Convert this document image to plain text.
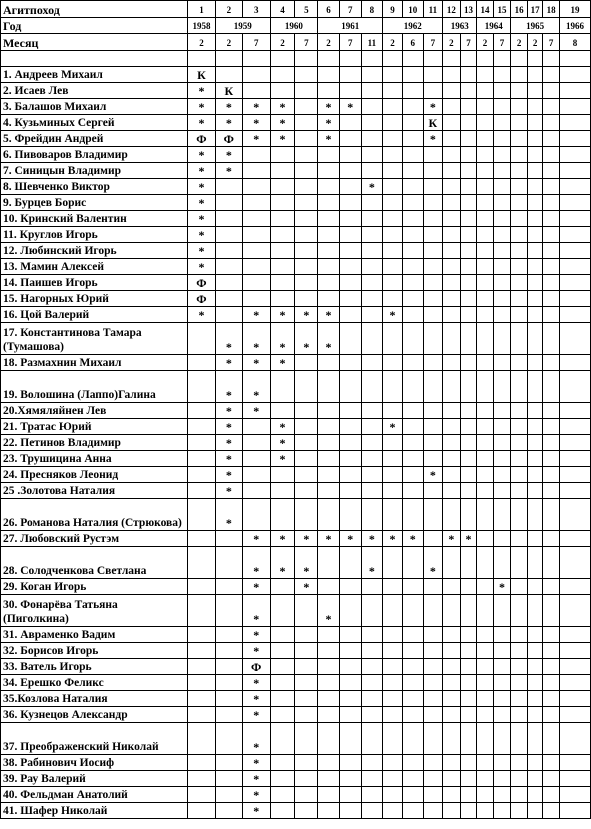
Агитпоход	1	2	3	4	5	6	7	8	9	10	11	12	13	14	15	16	17	18	19
Год	1958	1959		1960		1961			1962			1963		1964		1965			1966
Месяц	2	2	7	2	7	2	7	11	2	6	7	2	7	2	7	2	2	7	8

1. Андреев Михаил	К																		
2. Исаев Лев	*	К																	
3. Балашов Михаил	*	*	*	*		*	*				*								
4. Кузьминых Сергей	*	*	*	*		*					К								
5. Фрейдин Андрей	Ф	Ф	*	*		*					*								
6. Пивоваров Владимир	*	*																	
7. Синицын Владимир	*	*																	
8. Шевченко Виктор	*							*											
9. Бурцев Борис	*																		
10. Кринский Валентин	*																		
11. Круглов Игорь	*																		
12. Любинский Игорь	*																		
13. Мамин Алексей	*																		
14. Паишев Игорь	Ф																		
15. Нагорных Юрий	Ф																		
16. Цой Валерий	*		*	*	*	*			*										
17. Константинова Тамара (Тумашова)		*	*	*	*	*													
18. Размахнин Михаил		*	*	*															
19. Волошина (Лаппо)Галина		*	*																
20.Хямяляйнен Лев		*	*																
21. Тратас Юрий		*		*					*										
22. Петинов Владимир		*		*															
23. Трушицина Анна		*		*															
24. Пресняков Леонид		*									*								
25 .Золотова Наталия		*																	
26. Романова Наталия (Стрюкова)		*																	
27. Любовский Рустэм			*	*	*	*	*	*	*	*		*	*						
28. Солодченкова Светлана			*	*	*			*			*								
29. Коган Игорь			*		*										*				
30. Фонарёва Татьяна (Пиголкина)			*			*													
31. Авраменко Вадим			*																
32. Борисов Игорь			*																
33. Ватель Игорь			Ф																
34. Ерешко Феликс			*																
35.Козлова Наталия			*																
36. Кузнецов Александр			*																
37. Преображенский Николай			*																
38. Рабинович Иосиф			*																
39. Рау Валерий			*																
40. Фельдман Анатолий			*																
41. Шафер Николай			*																
